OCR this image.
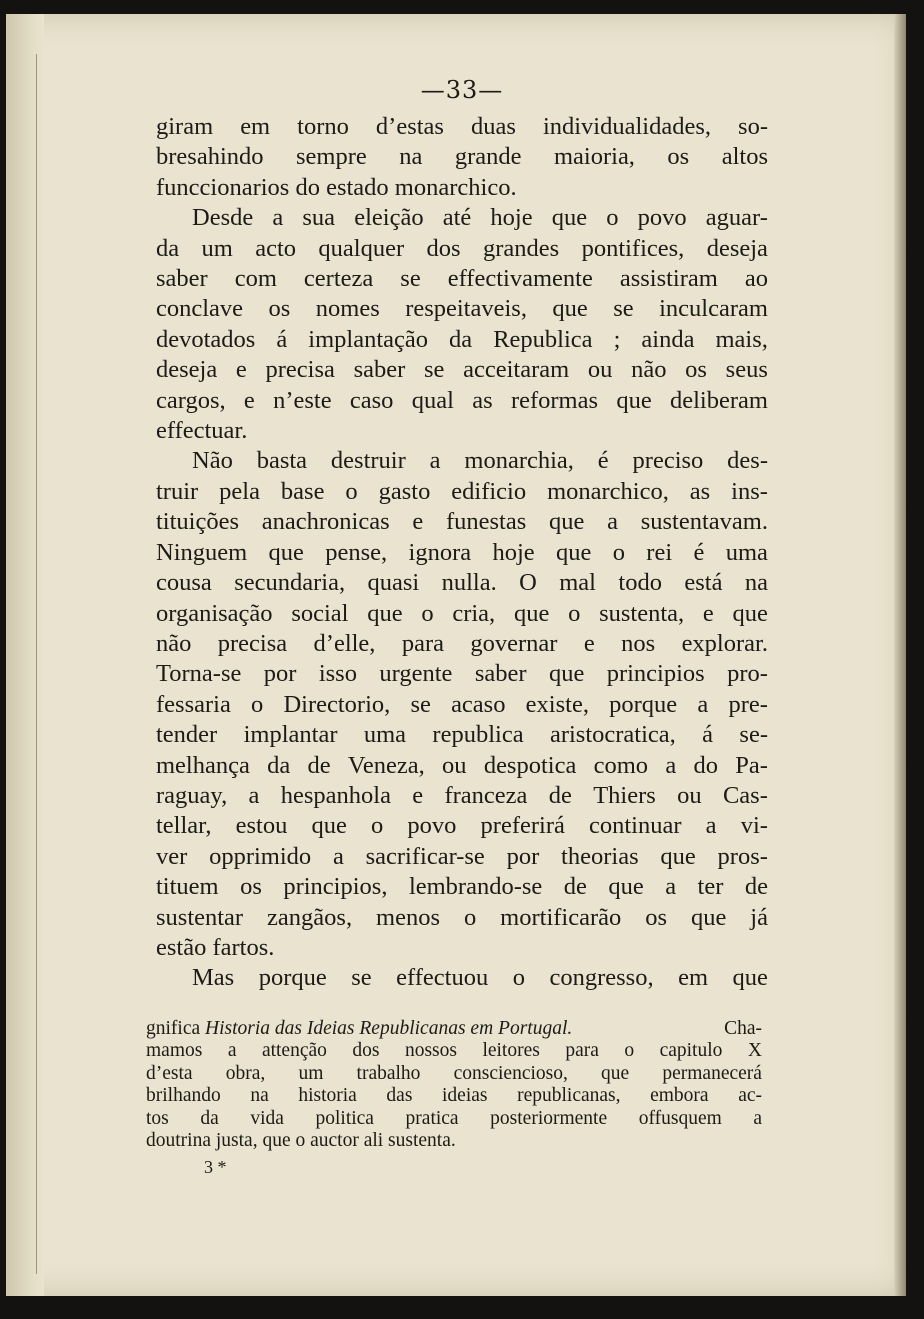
—33—
giram em torno d’estas duas individualidades, so-
bresahindo sempre na grande maioria, os altos
funccionarios do estado monarchico.
Desde a sua eleição até hoje que o povo aguar-
da um acto qualquer dos grandes pontifices, deseja
saber com certeza se effectivamente assistiram ao
conclave os nomes respeitaveis, que se inculcaram
devotados á implantação da Republica ; ainda mais,
deseja e precisa saber se acceitaram ou não os seus
cargos, e n’este caso qual as reformas que deliberam
effectuar.
Não basta destruir a monarchia, é preciso des-
truir pela base o gasto edificio monarchico, as ins-
tituições anachronicas e funestas que a sustentavam.
Ninguem que pense, ignora hoje que o rei é uma
cousa secundaria, quasi nulla. O mal todo está na
organisação social que o cria, que o sustenta, e que
não precisa d’elle, para governar e nos explorar.
Torna-se por isso urgente saber que principios pro-
fessaria o Directorio, se acaso existe, porque a pre-
tender implantar uma republica aristocratica, á se-
melhança da de Veneza, ou despotica como a do Pa-
raguay, a hespanhola e franceza de Thiers ou Cas-
tellar, estou que o povo preferirá continuar a vi-
ver opprimido a sacrificar-se por theorias que pros-
tituem os principios, lembrando-se de que a ter de
sustentar zangãos, menos o mortificarão os que já
estão fartos.
Mas porque se effectuou o congresso, em que
gnifica Historia das Ideias Republicanas em Portugal.	Cha-
mamos a attenção dos nossos leitores para o capitulo X
d’esta obra, um trabalho consciencioso, que permanecerá
brilhando na historia das ideias republicanas, embora ac-
tos da vida politica pratica posteriormente offusquem a
doutrina justa, que o auctor ali sustenta.
3 *
